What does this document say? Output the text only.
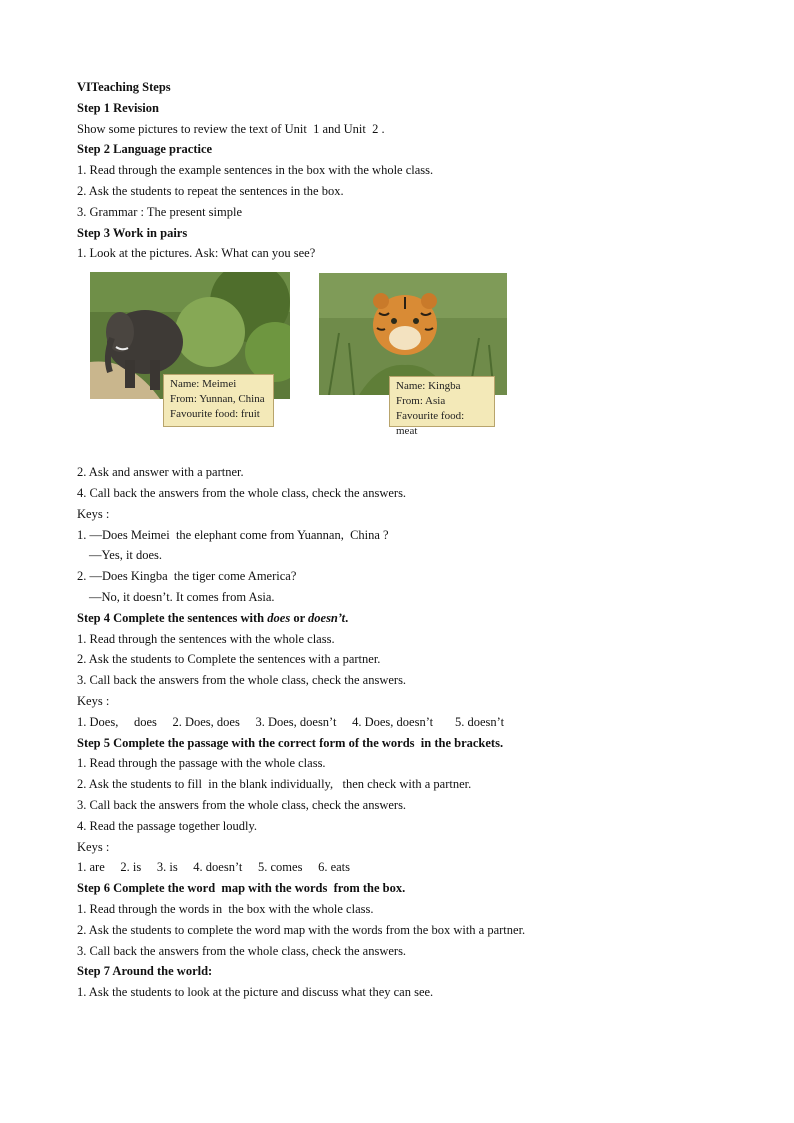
VITeaching Steps
Step 1 Revision
Show some pictures to review the text of Unit  1 and Unit  2 .
Step 2 Language practice
1. Read through the example sentences in the box with the whole class.
2. Ask the students to repeat the sentences in the box.
3. Grammar : The present simple
Step 3 Work in pairs
1. Look at the pictures. Ask: What can you see?
Name: Meimei
From: Yunnan, China
Favourite food: fruit
Name: Kingba
From: Asia
Favourite food: meat
2. Ask and answer with a partner.
4. Call back the answers from the whole class, check the answers.
Keys :
1. —Does Meimei  the elephant come from Yuannan,  China ?
—Yes, it does.
2. —Does Kingba  the tiger come America?
—No, it doesn’t. It comes from Asia.
Step 4 Complete the sentences with does or doesn’t.
1. Read through the sentences with the whole class.
2. Ask the students to Complete the sentences with a partner.
3. Call back the answers from the whole class, check the answers.
Keys :
1. Does,     does     2. Does, does     3. Does, doesn’t     4. Does, doesn’t       5. doesn’t
Step 5 Complete the passage with the correct form of the words  in the brackets.
1. Read through the passage with the whole class.
2. Ask the students to fill  in the blank individually,   then check with a partner.
3. Call back the answers from the whole class, check the answers.
4. Read the passage together loudly.
Keys :
1. are     2. is     3. is     4. doesn’t     5. comes     6. eats
Step 6 Complete the word  map with the words  from the box.
1. Read through the words in  the box with the whole class.
2. Ask the students to complete the word map with the words from the box with a partner.
3. Call back the answers from the whole class, check the answers.
Step 7 Around the world:
1. Ask the students to look at the picture and discuss what they can see.
